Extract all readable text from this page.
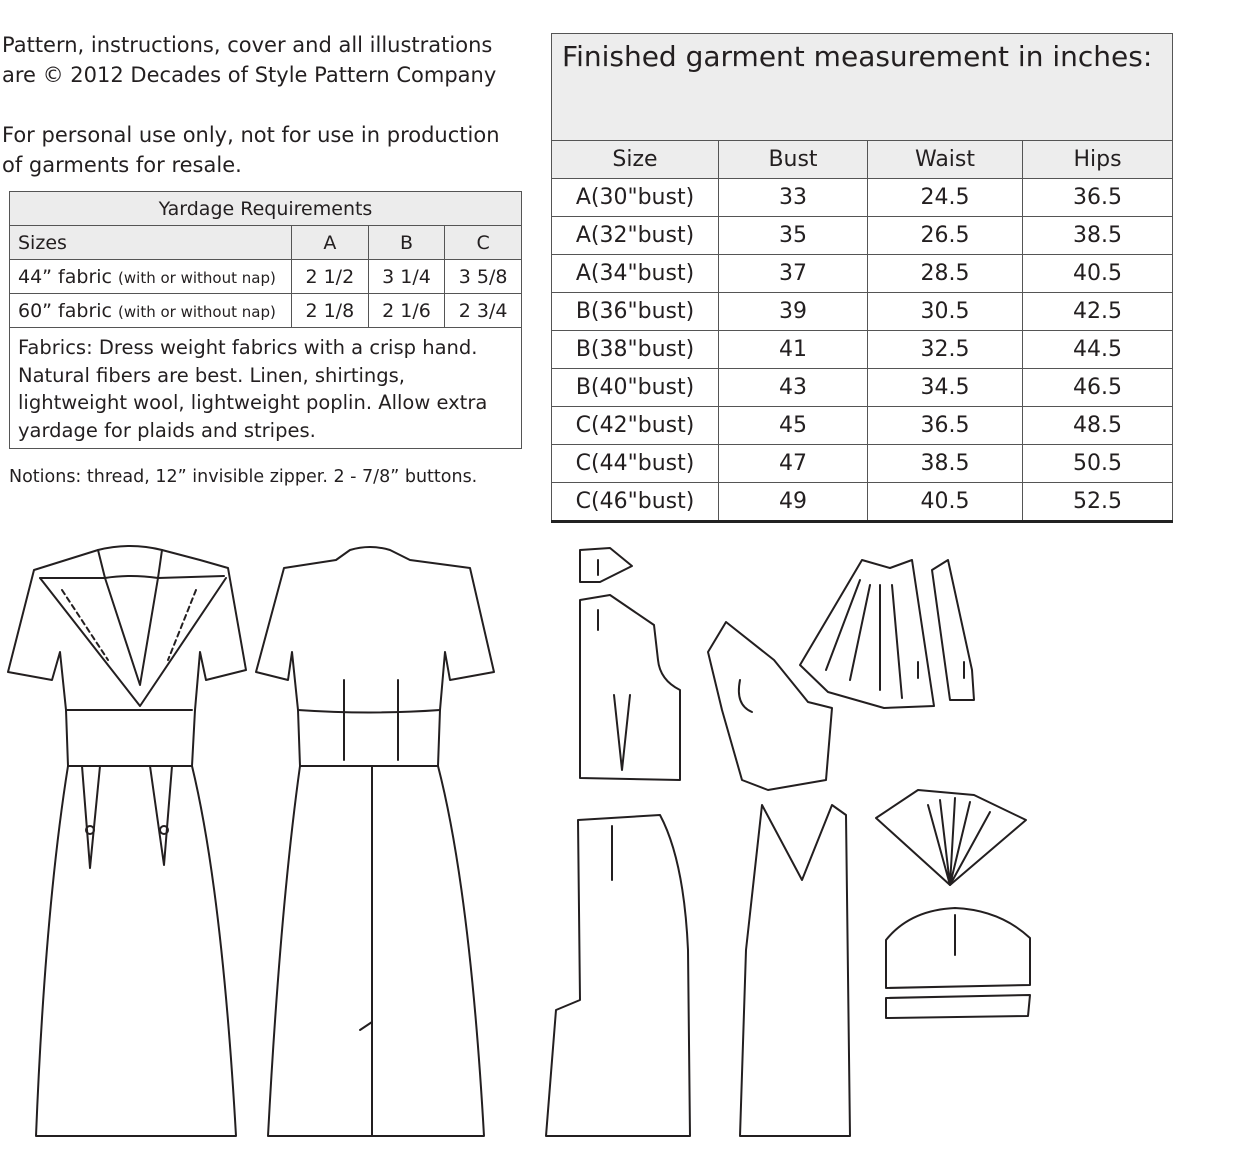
Pattern, instructions, cover and all illustrations
are © 2012 Decades of Style Pattern Company

For personal use only, not for use in production
of garments for resale.

Yardage Requirements			
Sizes	A	B	C
44” fabric (with or without nap)	2 1/2	3 1/4	3 5/8
60” fabric (with or without nap)	2 1/8	2 1/6	2 3/4
Fabrics: Dress weight fabrics with a crisp hand. Natural fibers are best. Linen, shirtings, lightweight wool, lightweight poplin. Allow extra yardage for plaids and stripes.			
Notions: thread, 12” invisible zipper. 2 - 7/8” buttons.
Finished garment measurement in inches:			
Size	Bust	Waist	Hips
A(30"bust)	33	24.5	36.5
A(32"bust)	35	26.5	38.5
A(34"bust)	37	28.5	40.5
B(36"bust)	39	30.5	42.5
B(38"bust)	41	32.5	44.5
B(40"bust)	43	34.5	46.5
C(42"bust)	45	36.5	48.5
C(44"bust)	47	38.5	50.5
C(46"bust)	49	40.5	52.5
